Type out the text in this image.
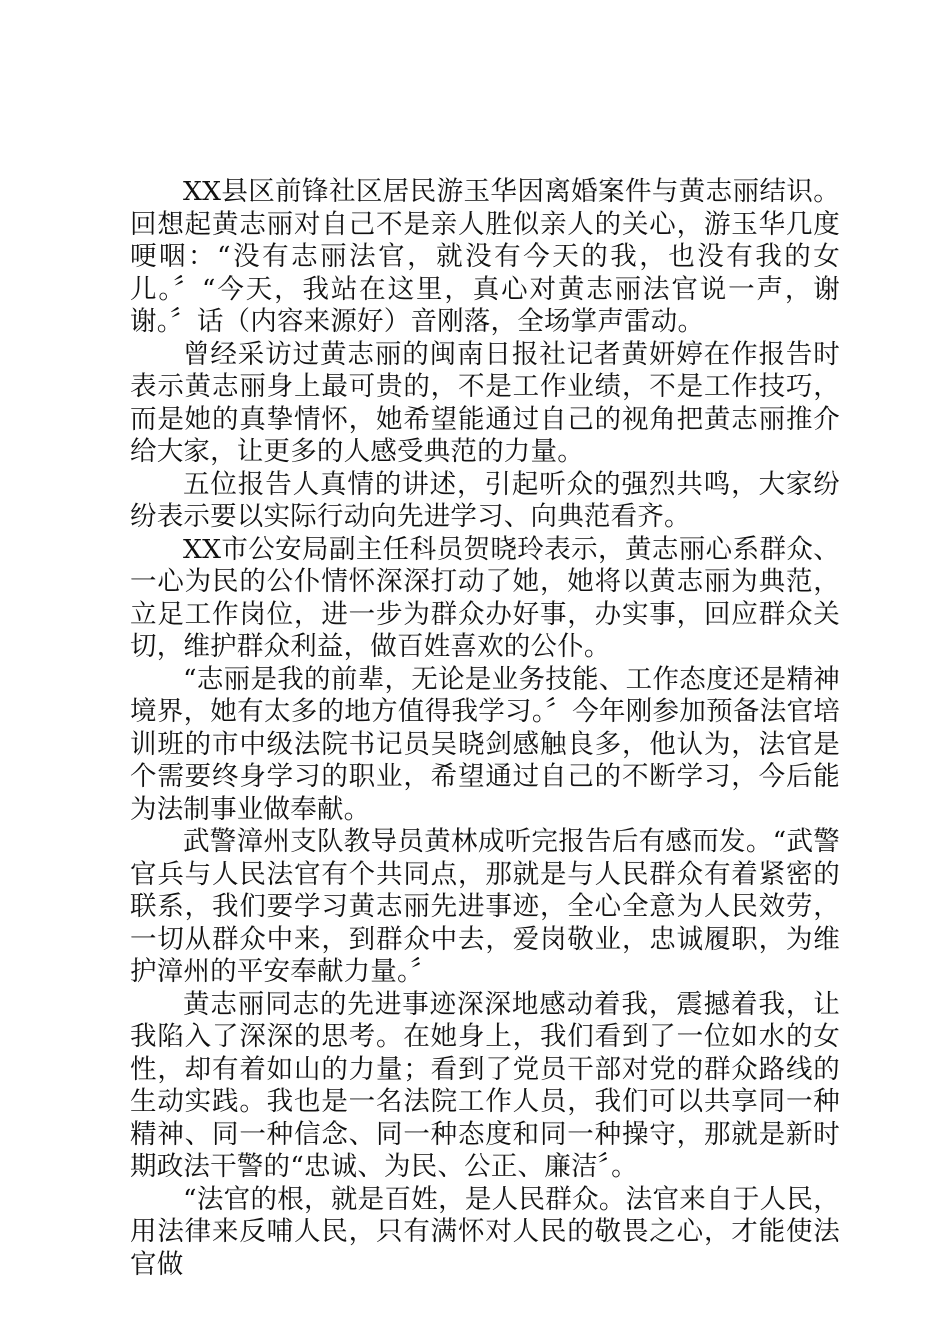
XX县区前锋社区居民游玉华因离婚案件与黄志丽结识。回想起黄志丽对自己不是亲人胜似亲人的关心，游玉华几度哽咽：“没有志丽法官，就没有今天的我，也没有我的女儿。〞“今天，我站在这里，真心对黄志丽法官说一声，谢谢。〞话（内容来源好）音刚落，全场掌声雷动。

曾经采访过黄志丽的闽南日报社记者黄妍婷在作报告时表示黄志丽身上最可贵的，不是工作业绩，不是工作技巧，而是她的真挚情怀，她希望能通过自己的视角把黄志丽推介给大家，让更多的人感受典范的力量。

五位报告人真情的讲述，引起听众的强烈共鸣，大家纷纷表示要以实际行动向先进学习、向典范看齐。

XX市公安局副主任科员贺晓玲表示，黄志丽心系群众、一心为民的公仆情怀深深打动了她，她将以黄志丽为典范，立足工作岗位，进一步为群众办好事，办实事，回应群众关切，维护群众利益，做百姓喜欢的公仆。

“志丽是我的前辈，无论是业务技能、工作态度还是精神境界，她有太多的地方值得我学习。〞今年刚参加预备法官培训班的市中级法院书记员吴晓剑感触良多，他认为，法官是个需要终身学习的职业，希望通过自己的不断学习，今后能为法制事业做奉献。

武警漳州支队教导员黄林成听完报告后有感而发。“武警官兵与人民法官有个共同点，那就是与人民群众有着紧密的联系，我们要学习黄志丽先进事迹，全心全意为人民效劳，一切从群众中来，到群众中去，爱岗敬业，忠诚履职，为维护漳州的平安奉献力量。〞

黄志丽同志的先进事迹深深地感动着我，震撼着我，让我陷入了深深的思考。在她身上，我们看到了一位如水的女性，却有着如山的力量；看到了党员干部对党的群众路线的生动实践。我也是一名法院工作人员，我们可以共享同一种精神、同一种信念、同一种态度和同一种操守，那就是新时期政法干警的“忠诚、为民、公正、廉洁〞。

“法官的根，就是百姓，是人民群众。法官来自于人民，用法律来反哺人民，只有满怀对人民的敬畏之心，才能使法官做
